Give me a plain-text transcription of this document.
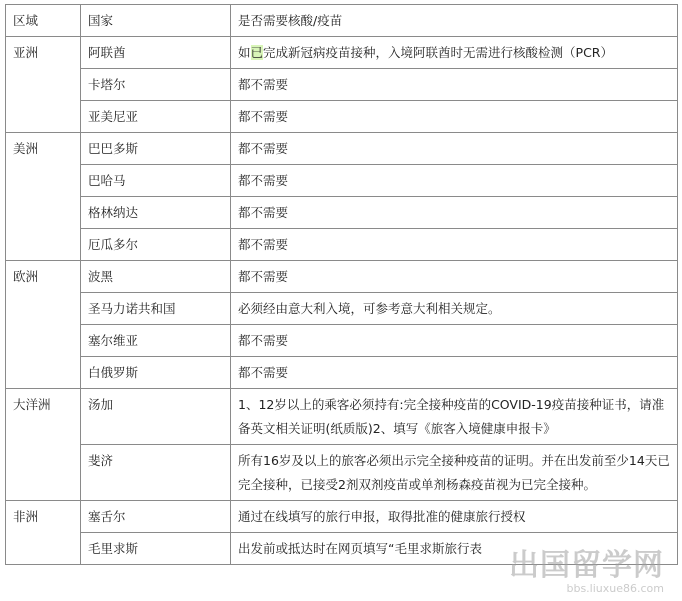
区域	国家	是否需要核酸/疫苗
亚洲	阿联酋	如已完成新冠病疫苗接种，入境阿联酋时无需进行核酸检测（PCR）
	卡塔尔	都不需要
	亚美尼亚	都不需要
美洲	巴巴多斯	都不需要
	巴哈马	都不需要
	格林纳达	都不需要
	厄瓜多尔	都不需要
欧洲	波黑	都不需要
	圣马力诺共和国	必须经由意大利入境，可参考意大利相关规定。
	塞尔维亚	都不需要
	白俄罗斯	都不需要
大洋洲	汤加	1、12岁以上的乘客必须持有:完全接种疫苗的COVID-19疫苗接种证书，请准备英文相关证明(纸质版)2、填写《旅客入境健康申报卡》
	斐济	所有16岁及以上的旅客必须出示完全接种疫苗的证明。并在出发前至少14天已完全接种，已接受2剂双剂疫苗或单剂杨森疫苗视为已完全接种。
非洲	塞舌尔	通过在线填写的旅行申报，取得批准的健康旅行授权
	毛里求斯	出发前或抵达时在网页填写“毛里求斯旅行表 出国留学网
bbs.liuxue86.com
